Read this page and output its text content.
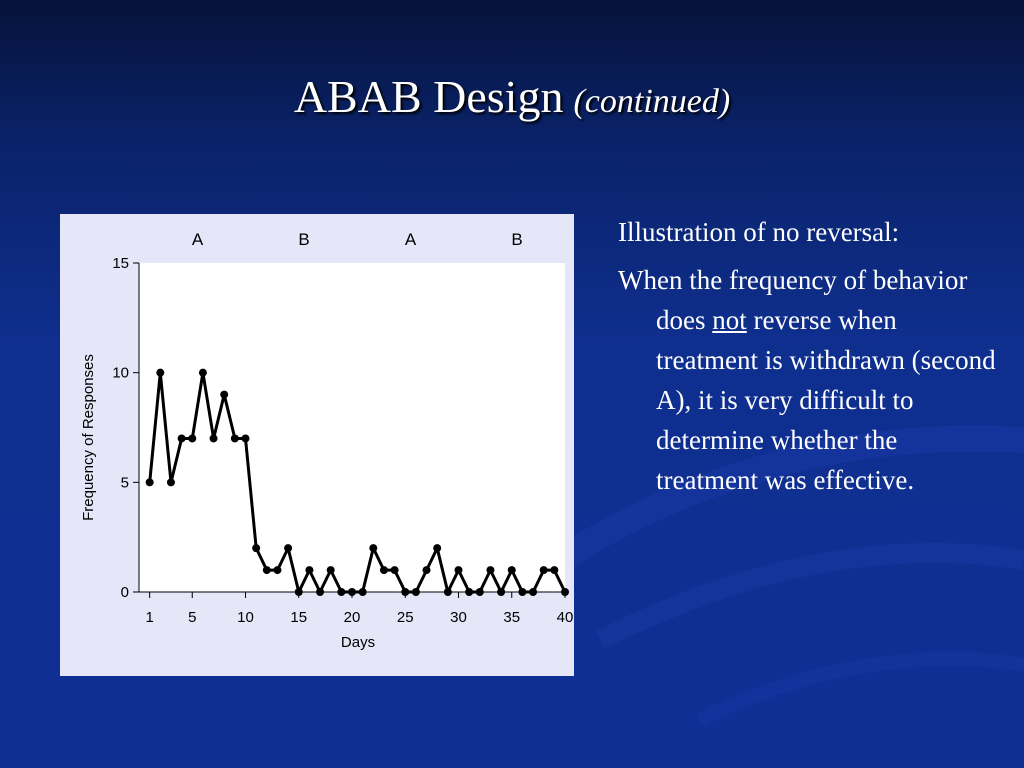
ABAB Design (continued)
A	B	A	B
0
5
10
15
1 5	10 15 20 25 30 35 40
Days
Frequency of Responses

Illustration of no reversal:

When the frequency of behavior does not reverse when treatment is withdrawn (second A), it is very difficult to determine whether the treatment was effective.
